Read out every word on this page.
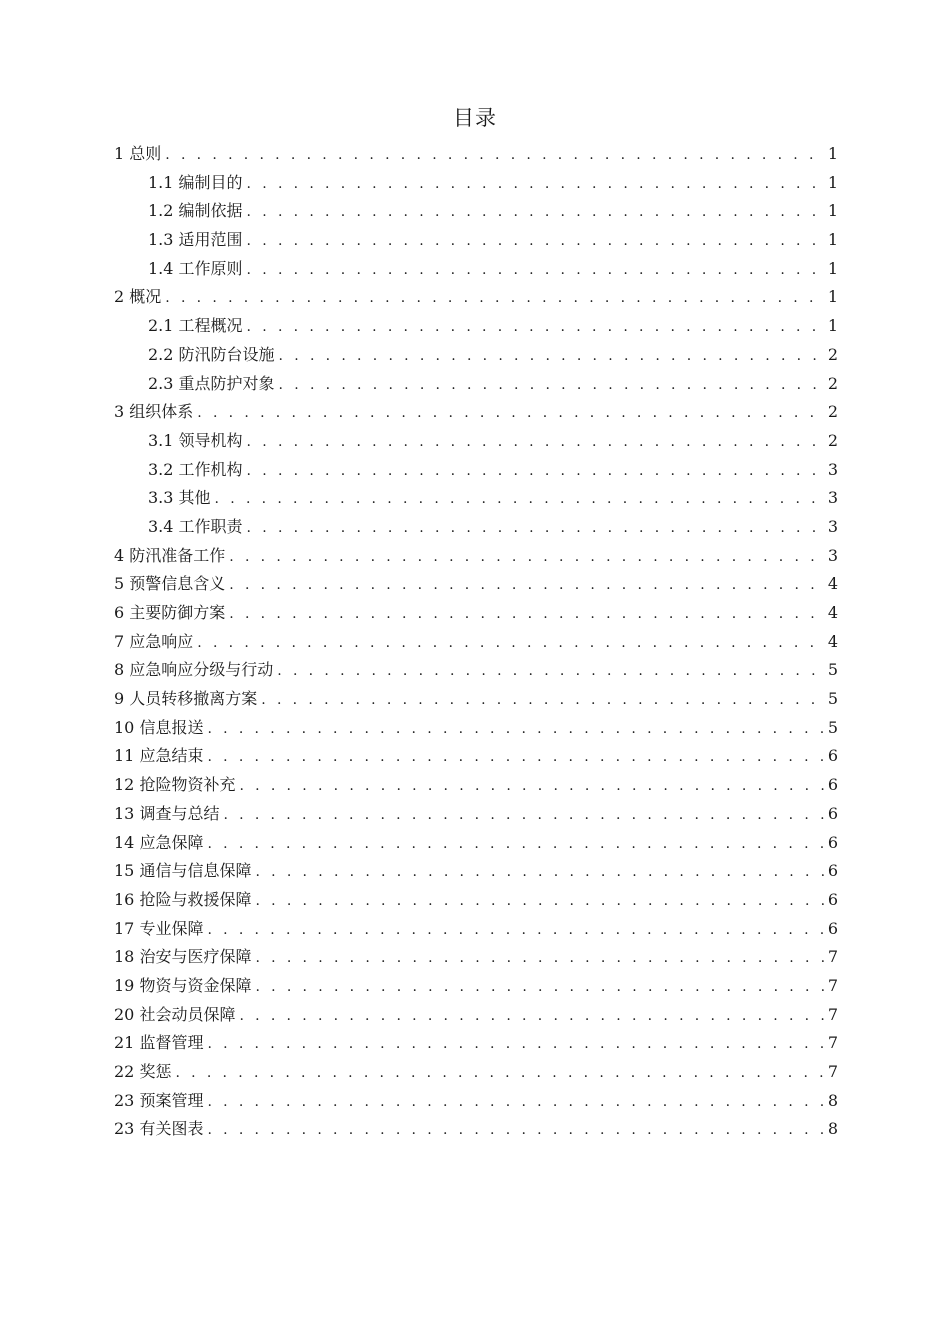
目录
1 总则 . . .	1
1.1 编制目的 . . .	1
1.2 编制依据 . . .	1
1.3 适用范围 . . .	1
1.4 工作原则 . . .	1
2 概况 . . .	1
2.1 工程概况 . . .	1
2.2 防汛防台设施 . . .	2
2.3 重点防护对象 . . .	2
3 组织体系 . . .	2
3.1 领导机构 . . .	2
3.2 工作机构 . . .	3
3.3 其他 . . .	3
3.4 工作职责 . . .	3
4 防汛准备工作 . . .	3
5 预警信息含义 . . .	4
6 主要防御方案 . . .	4
7 应急响应 . . .	4
8 应急响应分级与行动 . . .	5
9 人员转移撤离方案 . . .	5
10 信息报送 . . .	5
11 应急结束 . . .	6
12 抢险物资补充 . . .	6
13 调查与总结 . . .	6
14 应急保障 . . .	6
15 通信与信息保障 . . .	6
16 抢险与救援保障 . . .	6
17 专业保障 . . .	6
18 治安与医疗保障 . . .	7
19 物资与资金保障 . . .	7
20 社会动员保障 . . .	7
21 监督管理 . . .	7
22 奖惩 . . .	7
23 预案管理 . . .	8
23 有关图表 . . .	8
